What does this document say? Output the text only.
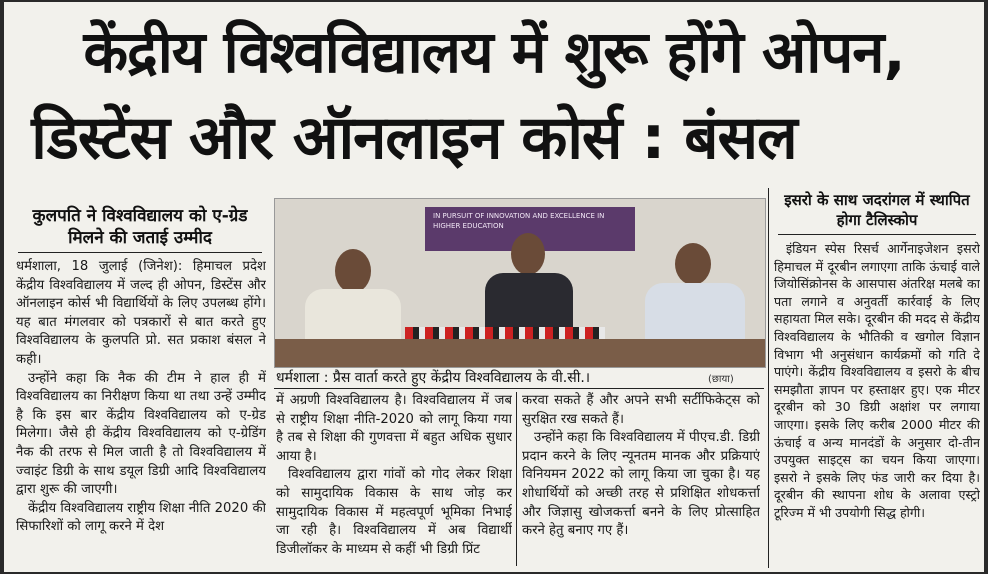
केंद्रीय विश्वविद्यालय में शुरू होंगे ओपन,
डिस्टेंस और ऑनलाइन कोर्स : बंसल
कुलपति ने विश्वविद्यालय को ए-ग्रेड मिलने की जताई उम्मीद

धर्मशाला, 18 जुलाई (जिनेश): हिमाचल प्रदेश केंद्रीय विश्वविद्यालय में जल्द ही ओपन, डिस्टेंस और ऑनलाइन कोर्स भी विद्यार्थियों के लिए उपलब्ध होंगे। यह बात मंगलवार को पत्रकारों से बात करते हुए विश्वविद्यालय के कुलपति प्रो. सत प्रकाश बंसल ने कही।

उन्होंने कहा कि नैक की टीम ने हाल ही में विश्वविद्यालय का निरीक्षण किया था तथा उन्हें उम्मीद है कि इस बार केंद्रीय विश्वविद्यालय को ए-ग्रेड मिलेगा। जैसे ही केंद्रीय विश्वविद्यालय को ए-ग्रेडिंग नैक की तरफ से मिल जाती है तो विश्वविद्यालय में ज्वाइंट डिग्री के साथ डयूल डिग्री आदि विश्वविद्यालय द्वारा शुरू की जाएगी।

केंद्रीय विश्वविद्यालय राष्ट्रीय शिक्षा नीति 2020 की सिफारिशों को लागू करने में देश

IN PURSUIT OF INNOVATION AND EXCELLENCE IN HIGHER EDUCATION
धर्मशाला : प्रैस वार्ता करते हुए केंद्रीय विश्वविद्यालय के वी.सी.।	(छाया)

में अग्रणी विश्वविद्यालय है। विश्वविद्यालय में जब से राष्ट्रीय शिक्षा नीति-2020 को लागू किया गया है तब से शिक्षा की गुणवत्ता में बहुत अधिक सुधार आया है।

विश्वविद्यालय द्वारा गांवों को गोद लेकर शिक्षा को सामुदायिक विकास के साथ जोड़ कर सामुदायिक विकास में महत्वपूर्ण भूमिका निभाई जा रही है। विश्वविद्यालय में अब विद्यार्थी डिजीलॉकर के माध्यम से कहीं भी डिग्री प्रिंट

करवा सकते हैं और अपने सभी सर्टीफिकेट्स को सुरक्षित रख सकते हैं।

उन्होंने कहा कि विश्वविद्यालय में पीएच.डी. डिग्री प्रदान करने के लिए न्यूनतम मानक और प्रक्रियाएं विनियमन 2022 को लागू किया जा चुका है। यह शोधार्थियों को अच्छी तरह से प्रशिक्षित शोधकर्त्ता और जिज्ञासु खोजकर्त्ता बनने के लिए प्रोत्साहित करने हेतु बनाए गए हैं।

इसरो के साथ जदरांगल में स्थापित होगा टैलिस्कोप

इंडियन स्पेस रिसर्च आर्गेनाइजेशन इसरो हिमाचल में दूरबीन लगाएगा ताकि ऊंचाई वाले जियोसिंक्रोनस के आसपास अंतरिक्ष मलबे का पता लगाने व अनुवर्ती कार्रवाई के लिए सहायता मिल सके। दूरबीन की मदद से केंद्रीय विश्वविद्यालय के भौतिकी व खगोल विज्ञान विभाग भी अनुसंधान कार्यक्रमों को गति दे पाएंगे। केंद्रीय विश्वविद्यालय व इसरो के बीच समझौता ज्ञापन पर हस्ताक्षर हुए। एक मीटर दूरबीन को 30 डिग्री अक्षांश पर लगाया जाएगा। इसके लिए करीब 2000 मीटर की ऊंचाई व अन्य मानदंडों के अनुसार दो-तीन उपयुक्त साइट्स का चयन किया जाएगा। इसरो ने इसके लिए फंड जारी कर दिया है। दूरबीन की स्थापना शोध के अलावा एस्ट्रो टूरिज्म में भी उपयोगी सिद्ध होगी।
